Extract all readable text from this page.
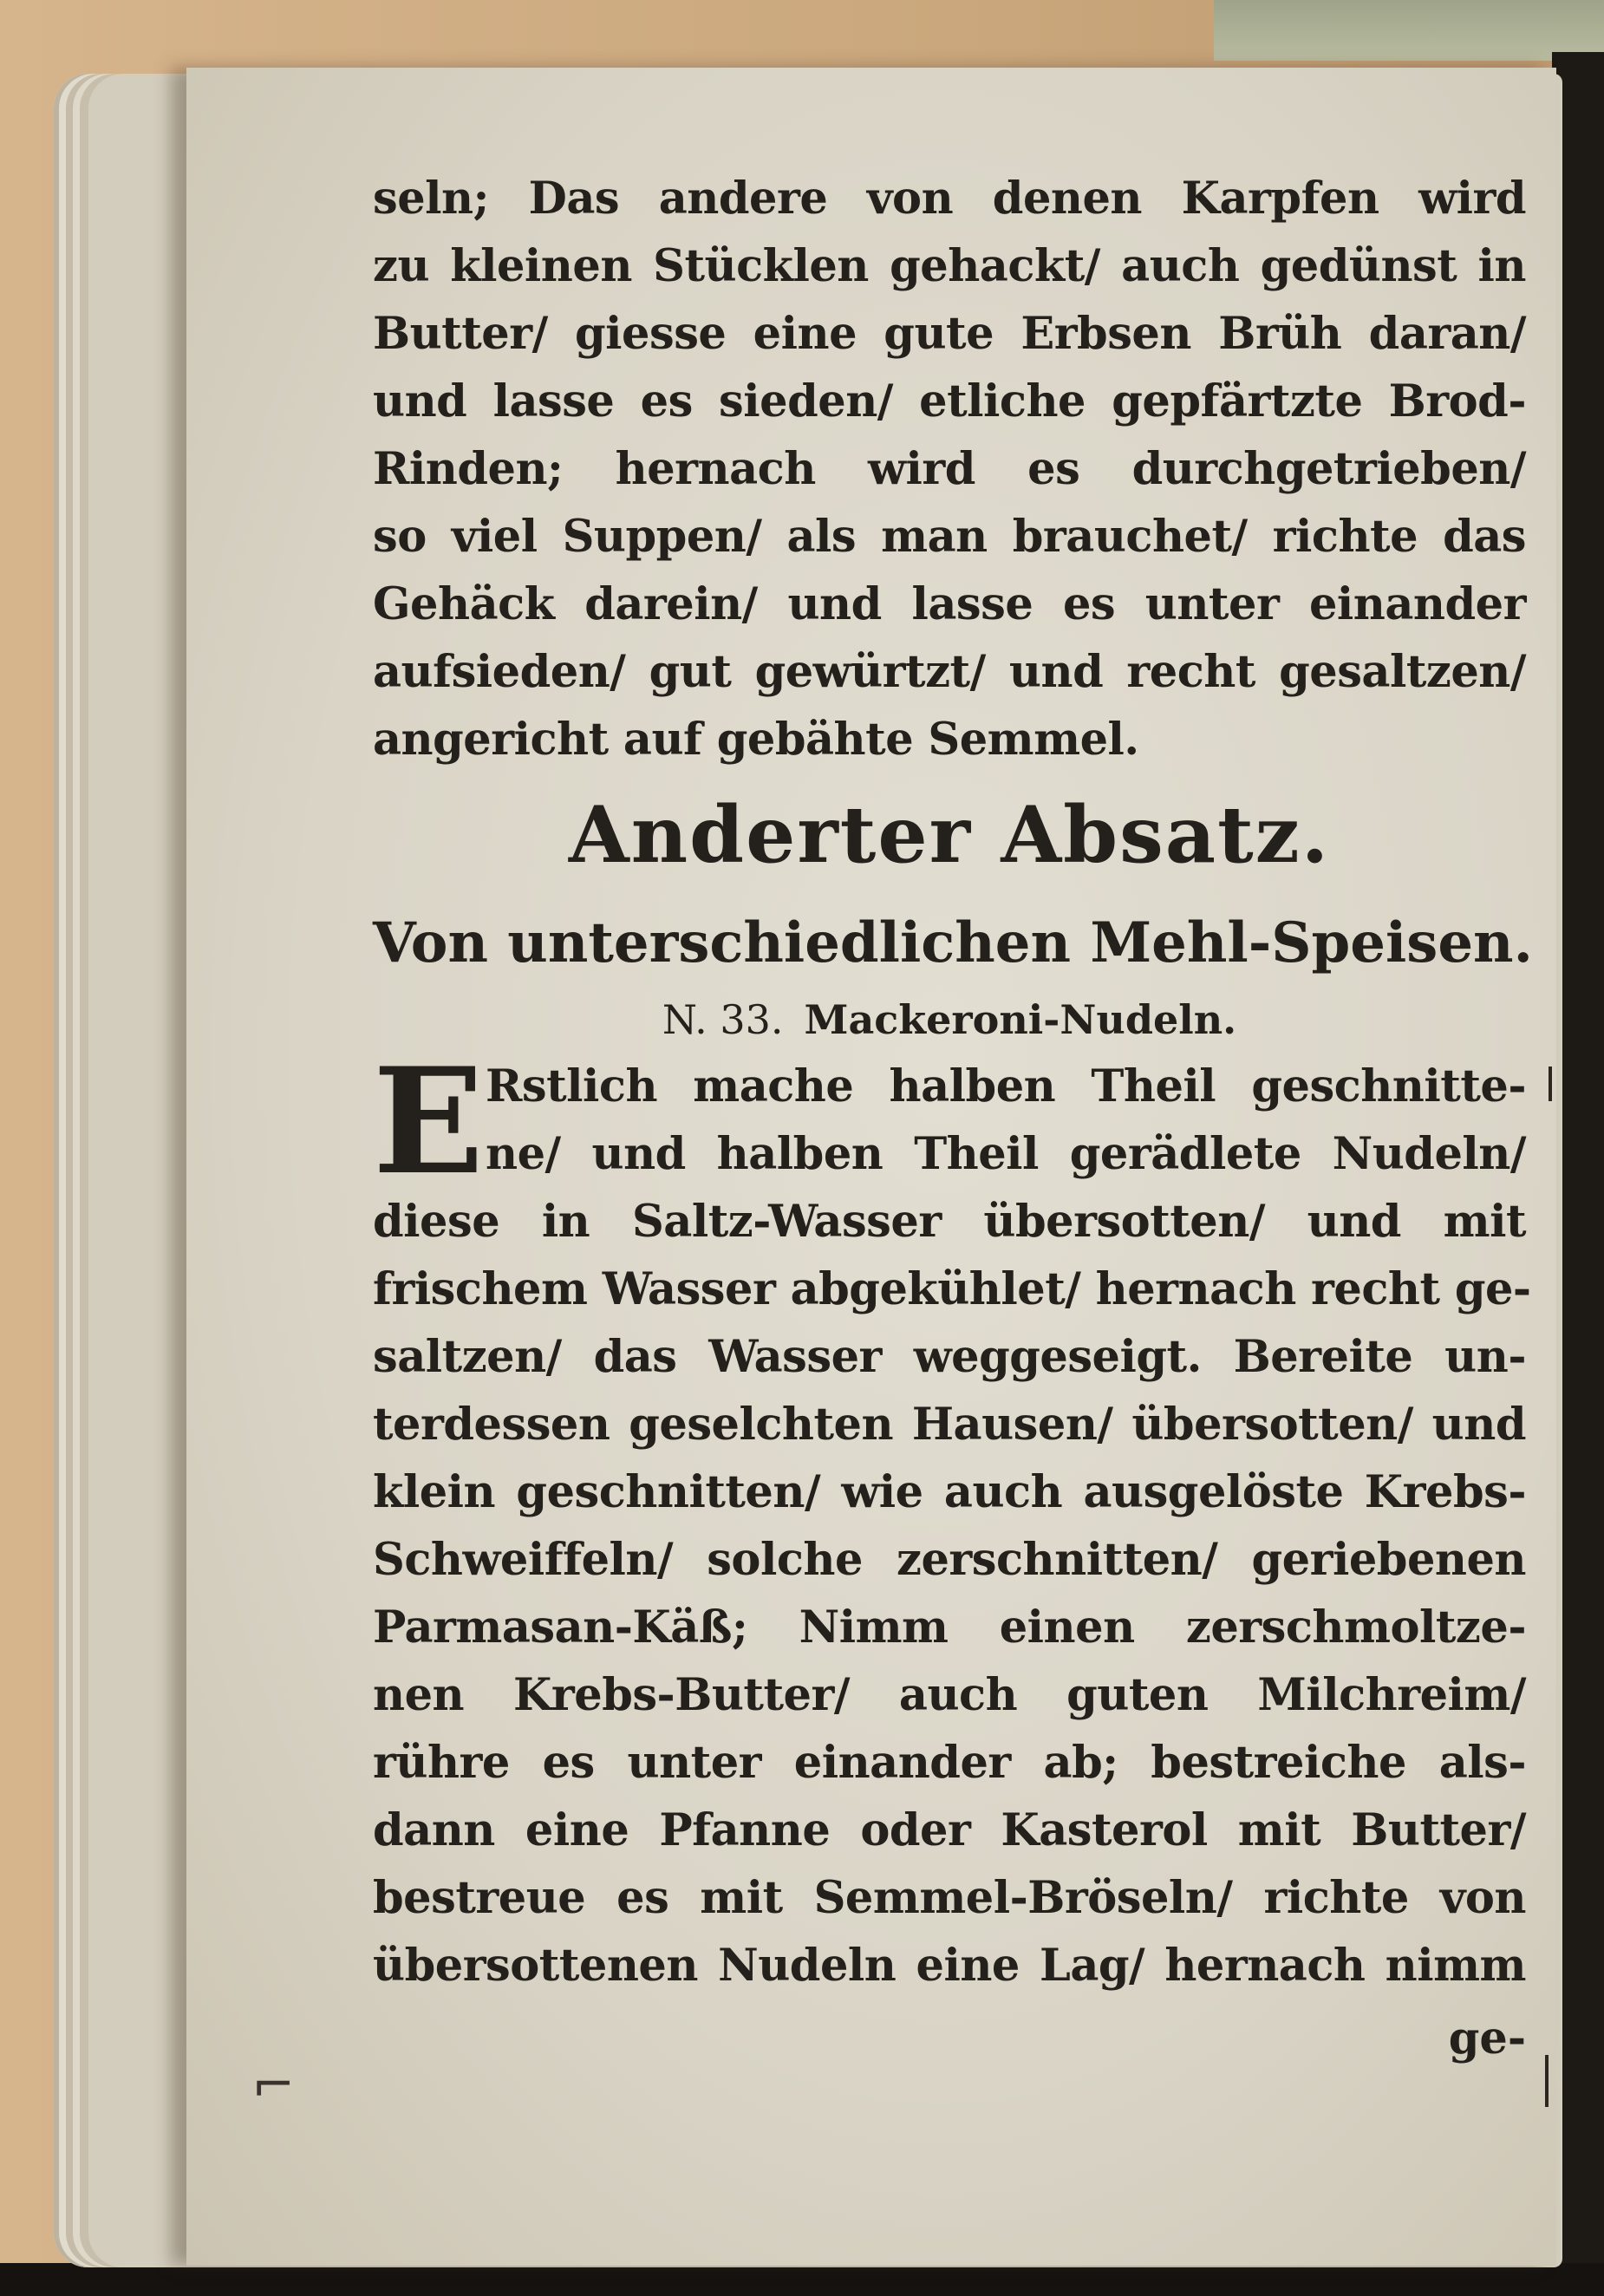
seln; Das andere von denen Karpfen wird
zu kleinen Stücklen gehackt/ auch gedünst in
Butter/ giesse eine gute Erbsen Brüh daran/
und lasse es sieden/ etliche gepfärtzte Brod-
Rinden; hernach wird es durchgetrieben/
so viel Suppen/ als man brauchet/ richte das
Gehäck darein/ und lasse es unter einander
aufsieden/ gut gewürtzt/ und recht gesaltzen/
angericht auf gebähte Semmel.
Anderter Absatz.
Von unterschiedlichen Mehl-Speisen.
N. 33. Mackeroni-Nudeln.
E Rstlich mache halben Theil geschnitte-
ne/ und halben Theil gerädlete Nudeln/
diese in Saltz-Wasser übersotten/ und mit
frischem Wasser abgekühlet/ hernach recht ge-
saltzen/ das Wasser weggeseigt. Bereite un-
terdessen geselchten Hausen/ übersotten/ und
klein geschnitten/ wie auch ausgelöste Krebs-
Schweiffeln/ solche zerschnitten/ geriebenen
Parmasan-Käß; Nimm einen zerschmoltze-
nen Krebs-Butter/ auch guten Milchreim/
rühre es unter einander ab; bestreiche als-
dann eine Pfanne oder Kasterol mit Butter/
bestreue es mit Semmel-Bröseln/ richte von
übersottenen Nudeln eine Lag/ hernach nimm
ge-
⌐
